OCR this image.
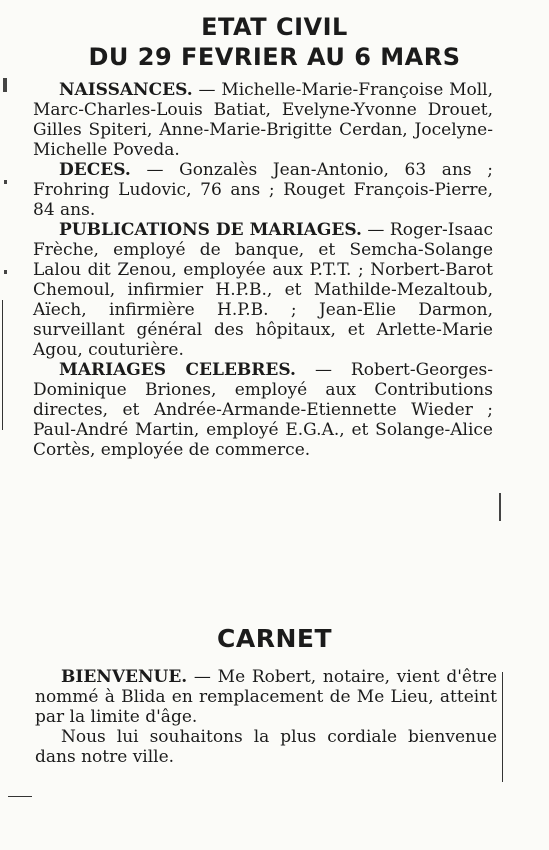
ETAT CIVIL
DU 29 FEVRIER AU 6 MARS

NAISSANCES. — Michelle-Marie-Françoise Moll, Marc-Charles-Louis Batiat, Evelyne-Yvonne Drouet, Gilles Spiteri, Anne-Marie-Brigitte Cerdan, Jocelyne-Michelle Poveda.

DECES. — Gonzalès Jean-Antonio, 63 ans ; Frohring Ludovic, 76 ans ; Rouget François-Pierre, 84 ans.

PUBLICATIONS DE MARIAGES. — Roger-Isaac Frèche, employé de banque, et Semcha-Solange Lalou dit Zenou, employée aux P.T.T. ; Norbert-Barot Chemoul, infirmier H.P.B., et Mathilde-Mezaltoub, Aïech, infirmière H.P.B. ; Jean-Elie Darmon, surveillant général des hôpitaux, et Arlette-Marie Agou, couturière.

MARIAGES CELEBRES. — Robert-Georges-Dominique Briones, employé aux Contributions directes, et Andrée-Armande-Etiennette Wieder ; Paul-André Martin, employé E.G.A., et Solange-Alice Cortès, employée de commerce.

CARNET

BIENVENUE. — Me Robert, notaire, vient d'être nommé à Blida en remplacement de Me Lieu, atteint par la limite d'âge.

Nous lui souhaitons la plus cordiale bienvenue dans notre ville.
